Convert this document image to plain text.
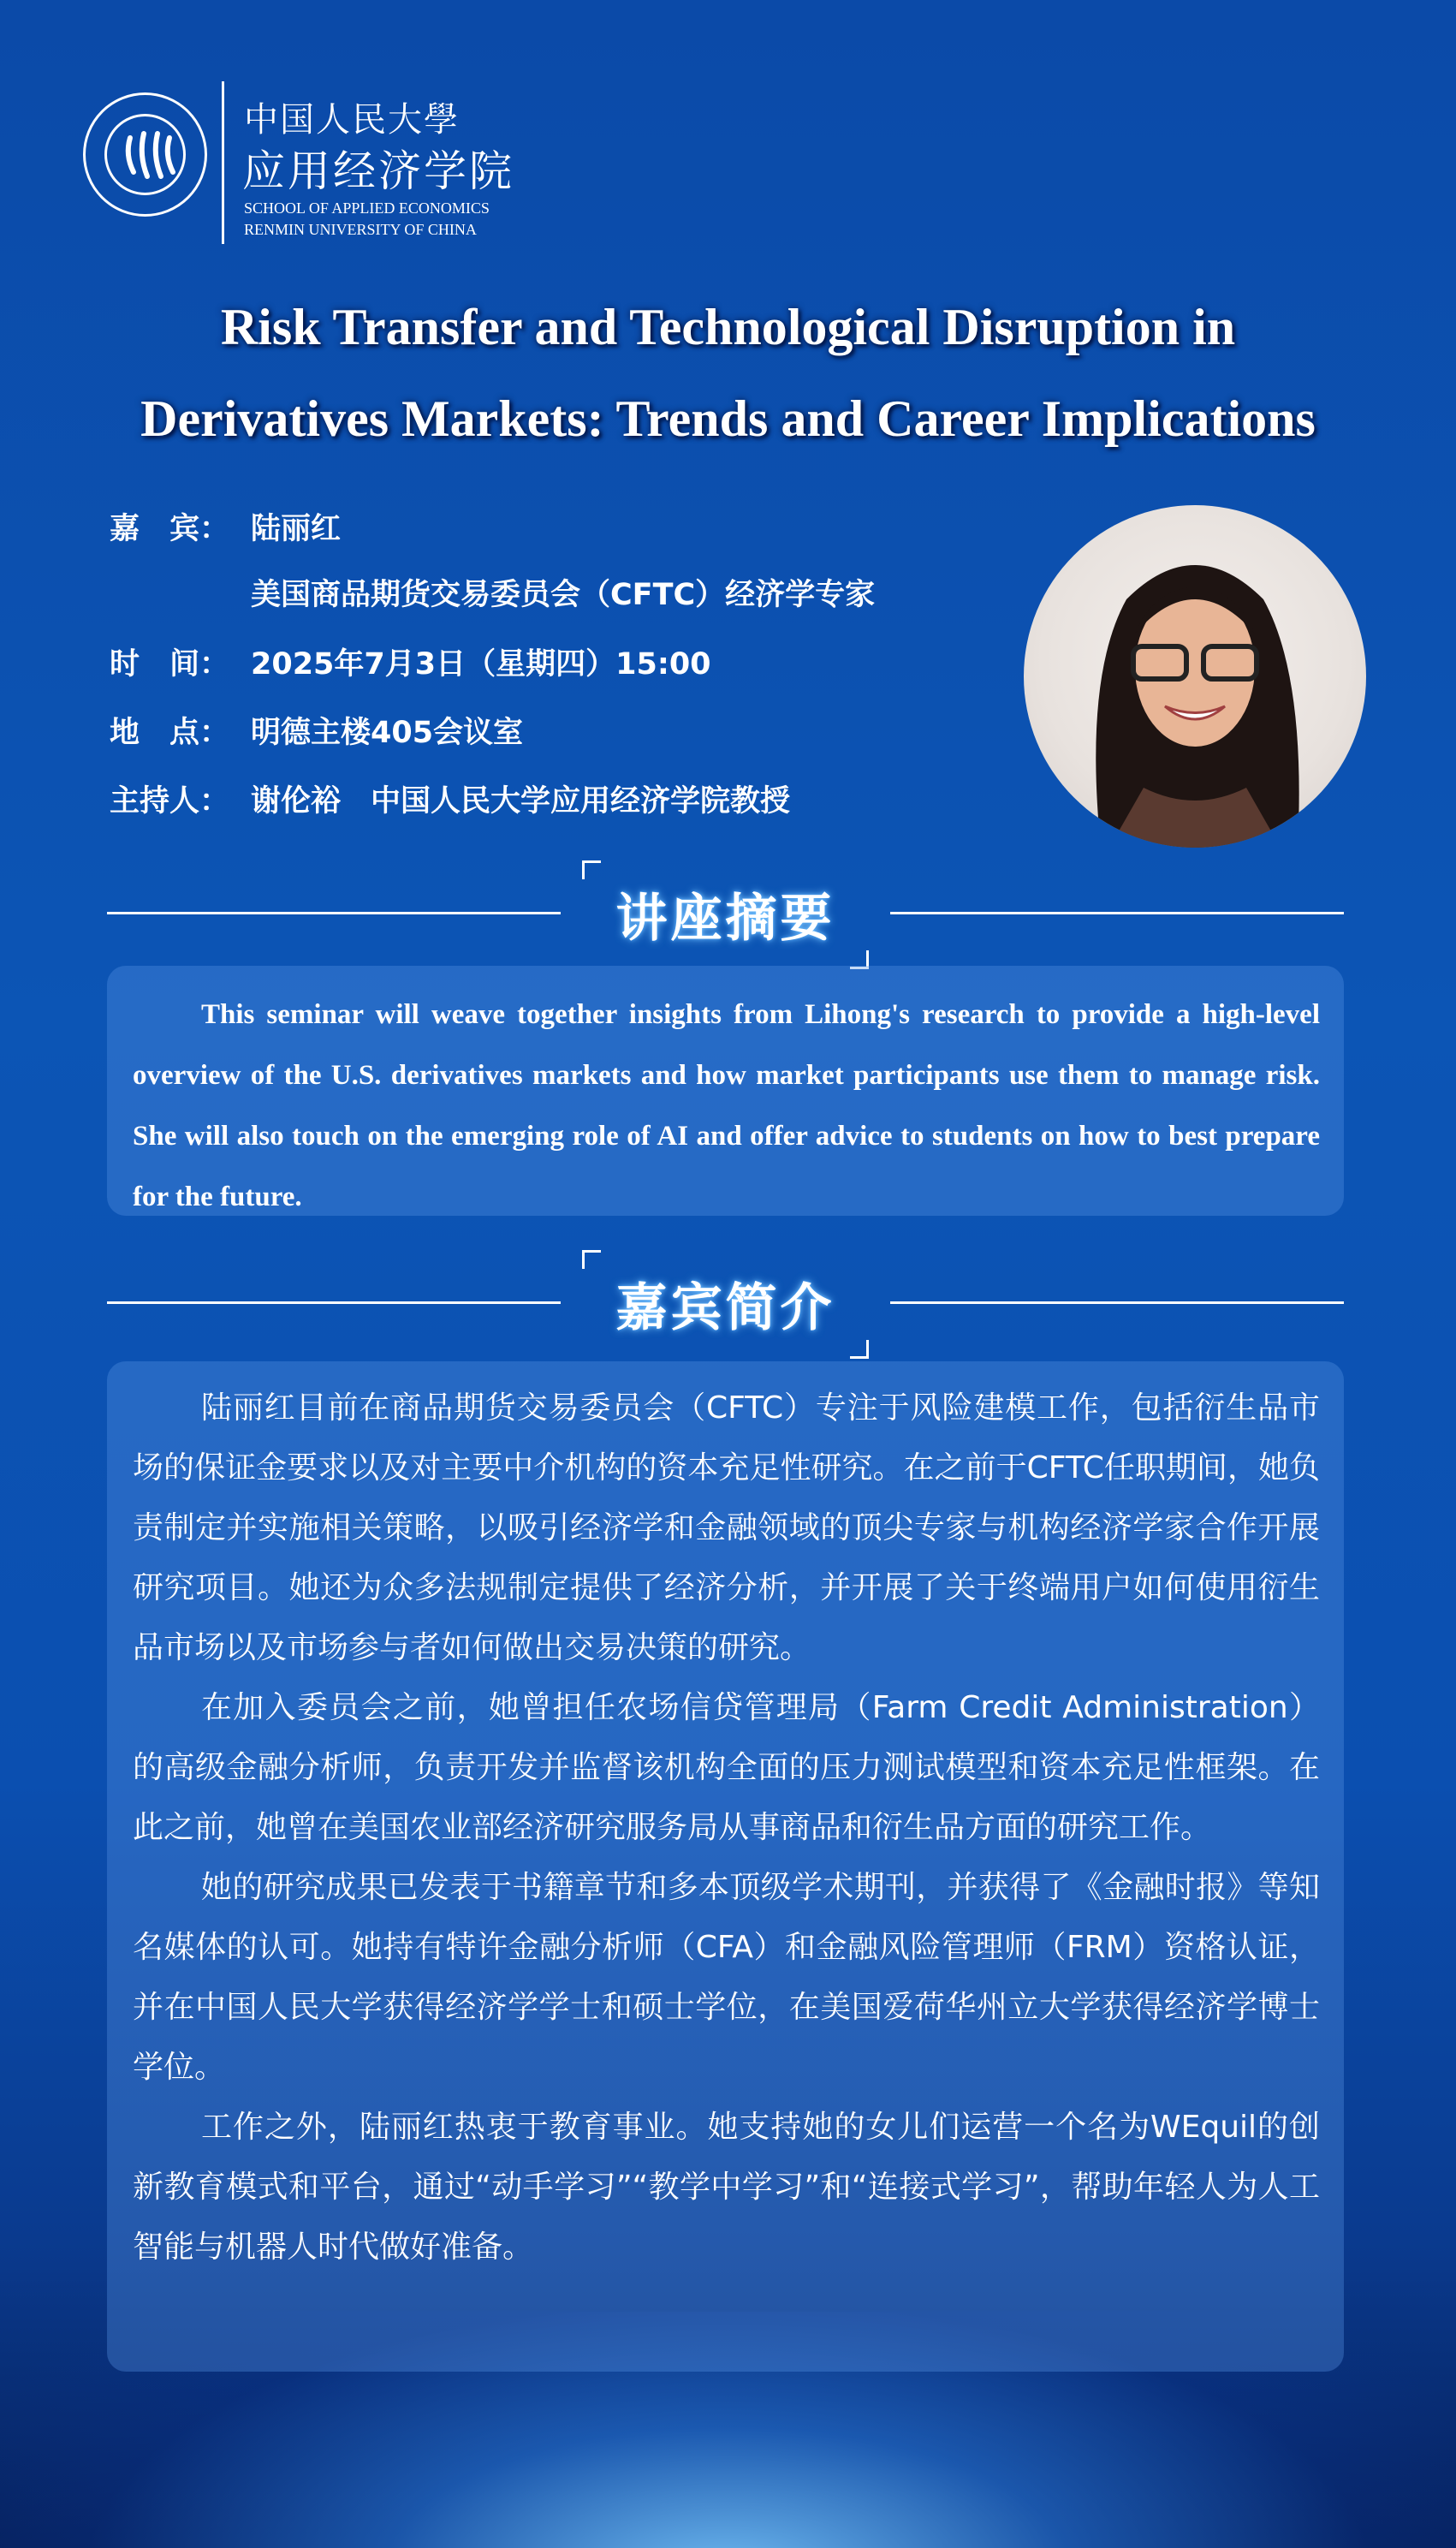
中国人民大學
应用经济学院
SCHOOL OF APPLIED ECONOMICS
RENMIN UNIVERSITY OF CHINA
Risk Transfer and Technological Disruption in
Derivatives Markets: Trends and Career Implications
嘉　宾： 陆丽红
美国商品期货交易委员会（CFTC）经济学专家
时　间： 2025年7月3日（星期四）15:00
地　点： 明德主楼405会议室
主持人： 谢伦裕　中国人民大学应用经济学院教授
讲座摘要
This seminar will weave together insights from Lihong's research to provide a high-level overview of the U.S. derivatives markets and how market participants use them to manage risk. She will also touch on the emerging role of AI and offer advice to students on how to best prepare for the future.
嘉宾简介

陆丽红目前在商品期货交易委员会（CFTC）专注于风险建模工作，包括衍生品市场的保证金要求以及对主要中介机构的资本充足性研究。在之前于CFTC任职期间，她负责制定并实施相关策略，以吸引经济学和金融领域的顶尖专家与机构经济学家合作开展研究项目。她还为众多法规制定提供了经济分析，并开展了关于终端用户如何使用衍生品市场以及市场参与者如何做出交易决策的研究。

在加入委员会之前，她曾担任农场信贷管理局（Farm Credit Administration）的高级金融分析师，负责开发并监督该机构全面的压力测试模型和资本充足性框架。在此之前，她曾在美国农业部经济研究服务局从事商品和衍生品方面的研究工作。

她的研究成果已发表于书籍章节和多本顶级学术期刊，并获得了《金融时报》等知名媒体的认可。她持有特许金融分析师（CFA）和金融风险管理师（FRM）资格认证，并在中国人民大学获得经济学学士和硕士学位，在美国爱荷华州立大学获得经济学博士学位。

工作之外，陆丽红热衷于教育事业。她支持她的女儿们运营一个名为WEquil的创新教育模式和平台，通过“动手学习”“教学中学习”和“连接式学习”，帮助年轻人为人工智能与机器人时代做好准备。
